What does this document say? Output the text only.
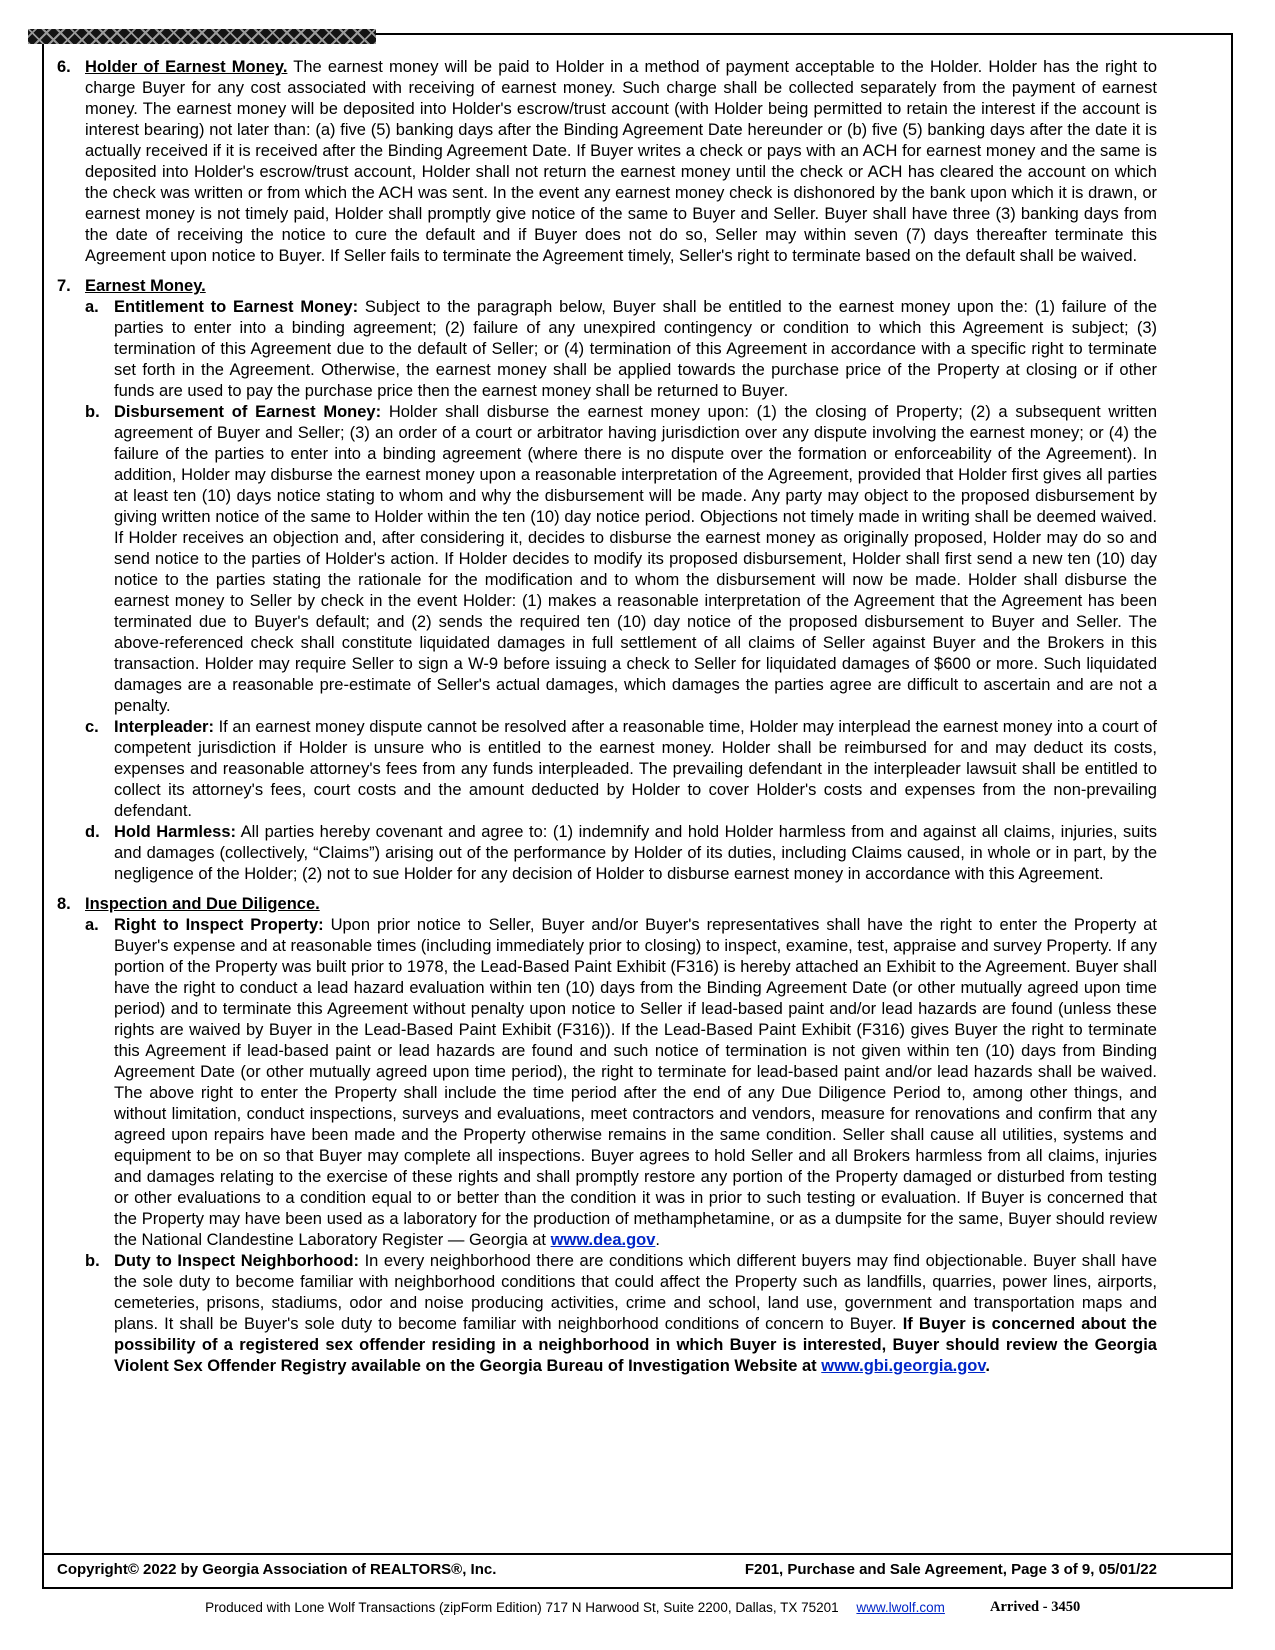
6. Holder of Earnest Money. The earnest money will be paid to Holder in a method of payment acceptable to the Holder. Holder has the right to charge Buyer for any cost associated with receiving of earnest money. Such charge shall be collected separately from the payment of earnest money. The earnest money will be deposited into Holder's escrow/trust account (with Holder being permitted to retain the interest if the account is interest bearing) not later than: (a) five (5) banking days after the Binding Agreement Date hereunder or (b) five (5) banking days after the date it is actually received if it is received after the Binding Agreement Date. If Buyer writes a check or pays with an ACH for earnest money and the same is deposited into Holder's escrow/trust account, Holder shall not return the earnest money until the check or ACH has cleared the account on which the check was written or from which the ACH was sent. In the event any earnest money check is dishonored by the bank upon which it is drawn, or earnest money is not timely paid, Holder shall promptly give notice of the same to Buyer and Seller. Buyer shall have three (3) banking days from the date of receiving the notice to cure the default and if Buyer does not do so, Seller may within seven (7) days thereafter terminate this Agreement upon notice to Buyer. If Seller fails to terminate the Agreement timely, Seller's right to terminate based on the default shall be waived.

7. Earnest Money.

a. Entitlement to Earnest Money: Subject to the paragraph below, Buyer shall be entitled to the earnest money upon the: (1) failure of the parties to enter into a binding agreement; (2) failure of any unexpired contingency or condition to which this Agreement is subject; (3) termination of this Agreement due to the default of Seller; or (4) termination of this Agreement in accordance with a specific right to terminate set forth in the Agreement. Otherwise, the earnest money shall be applied towards the purchase price of the Property at closing or if other funds are used to pay the purchase price then the earnest money shall be returned to Buyer.

b. Disbursement of Earnest Money: Holder shall disburse the earnest money upon: (1) the closing of Property; (2) a subsequent written agreement of Buyer and Seller; (3) an order of a court or arbitrator having jurisdiction over any dispute involving the earnest money; or (4) the failure of the parties to enter into a binding agreement (where there is no dispute over the formation or enforceability of the Agreement). In addition, Holder may disburse the earnest money upon a reasonable interpretation of the Agreement, provided that Holder first gives all parties at least ten (10) days notice stating to whom and why the disbursement will be made. Any party may object to the proposed disbursement by giving written notice of the same to Holder within the ten (10) day notice period. Objections not timely made in writing shall be deemed waived. If Holder receives an objection and, after considering it, decides to disburse the earnest money as originally proposed, Holder may do so and send notice to the parties of Holder's action. If Holder decides to modify its proposed disbursement, Holder shall first send a new ten (10) day notice to the parties stating the rationale for the modification and to whom the disbursement will now be made. Holder shall disburse the earnest money to Seller by check in the event Holder: (1) makes a reasonable interpretation of the Agreement that the Agreement has been terminated due to Buyer's default; and (2) sends the required ten (10) day notice of the proposed disbursement to Buyer and Seller. The above-referenced check shall constitute liquidated damages in full settlement of all claims of Seller against Buyer and the Brokers in this transaction. Holder may require Seller to sign a W-9 before issuing a check to Seller for liquidated damages of $600 or more. Such liquidated damages are a reasonable pre-estimate of Seller's actual damages, which damages the parties agree are difficult to ascertain and are not a penalty.

c. Interpleader: If an earnest money dispute cannot be resolved after a reasonable time, Holder may interplead the earnest money into a court of competent jurisdiction if Holder is unsure who is entitled to the earnest money. Holder shall be reimbursed for and may deduct its costs, expenses and reasonable attorney's fees from any funds interpleaded. The prevailing defendant in the interpleader lawsuit shall be entitled to collect its attorney's fees, court costs and the amount deducted by Holder to cover Holder's costs and expenses from the non-prevailing defendant.

d. Hold Harmless: All parties hereby covenant and agree to: (1) indemnify and hold Holder harmless from and against all claims, injuries, suits and damages (collectively, “Claims”) arising out of the performance by Holder of its duties, including Claims caused, in whole or in part, by the negligence of the Holder; (2) not to sue Holder for any decision of Holder to disburse earnest money in accordance with this Agreement.

8. Inspection and Due Diligence.

a. Right to Inspect Property: Upon prior notice to Seller, Buyer and/or Buyer's representatives shall have the right to enter the Property at Buyer's expense and at reasonable times (including immediately prior to closing) to inspect, examine, test, appraise and survey Property. If any portion of the Property was built prior to 1978, the Lead-Based Paint Exhibit (F316) is hereby attached an Exhibit to the Agreement. Buyer shall have the right to conduct a lead hazard evaluation within ten (10) days from the Binding Agreement Date (or other mutually agreed upon time period) and to terminate this Agreement without penalty upon notice to Seller if lead-based paint and/or lead hazards are found (unless these rights are waived by Buyer in the Lead-Based Paint Exhibit (F316)). If the Lead-Based Paint Exhibit (F316) gives Buyer the right to terminate this Agreement if lead-based paint or lead hazards are found and such notice of termination is not given within ten (10) days from Binding Agreement Date (or other mutually agreed upon time period), the right to terminate for lead-based paint and/or lead hazards shall be waived. The above right to enter the Property shall include the time period after the end of any Due Diligence Period to, among other things, and without limitation, conduct inspections, surveys and evaluations, meet contractors and vendors, measure for renovations and confirm that any agreed upon repairs have been made and the Property otherwise remains in the same condition. Seller shall cause all utilities, systems and equipment to be on so that Buyer may complete all inspections. Buyer agrees to hold Seller and all Brokers harmless from all claims, injuries and damages relating to the exercise of these rights and shall promptly restore any portion of the Property damaged or disturbed from testing or other evaluations to a condition equal to or better than the condition it was in prior to such testing or evaluation. If Buyer is concerned that the Property may have been used as a laboratory for the production of methamphetamine, or as a dumpsite for the same, Buyer should review the National Clandestine Laboratory Register — Georgia at www.dea.gov.

b. Duty to Inspect Neighborhood: In every neighborhood there are conditions which different buyers may find objectionable. Buyer shall have the sole duty to become familiar with neighborhood conditions that could affect the Property such as landfills, quarries, power lines, airports, cemeteries, prisons, stadiums, odor and noise producing activities, crime and school, land use, government and transportation maps and plans. It shall be Buyer's sole duty to become familiar with neighborhood conditions of concern to Buyer. If Buyer is concerned about the possibility of a registered sex offender residing in a neighborhood in which Buyer is interested, Buyer should review the Georgia Violent Sex Offender Registry available on the Georgia Bureau of Investigation Website at www.gbi.georgia.gov.

Copyright© 2022 by Georgia Association of REALTORS®, Inc.	F201, Purchase and Sale Agreement, Page 3 of 9, 05/01/22
Produced with Lone Wolf Transactions (zipForm Edition) 717 N Harwood St, Suite 2200, Dallas, TX 75201 www.lwolf.com	Arrived - 3450
